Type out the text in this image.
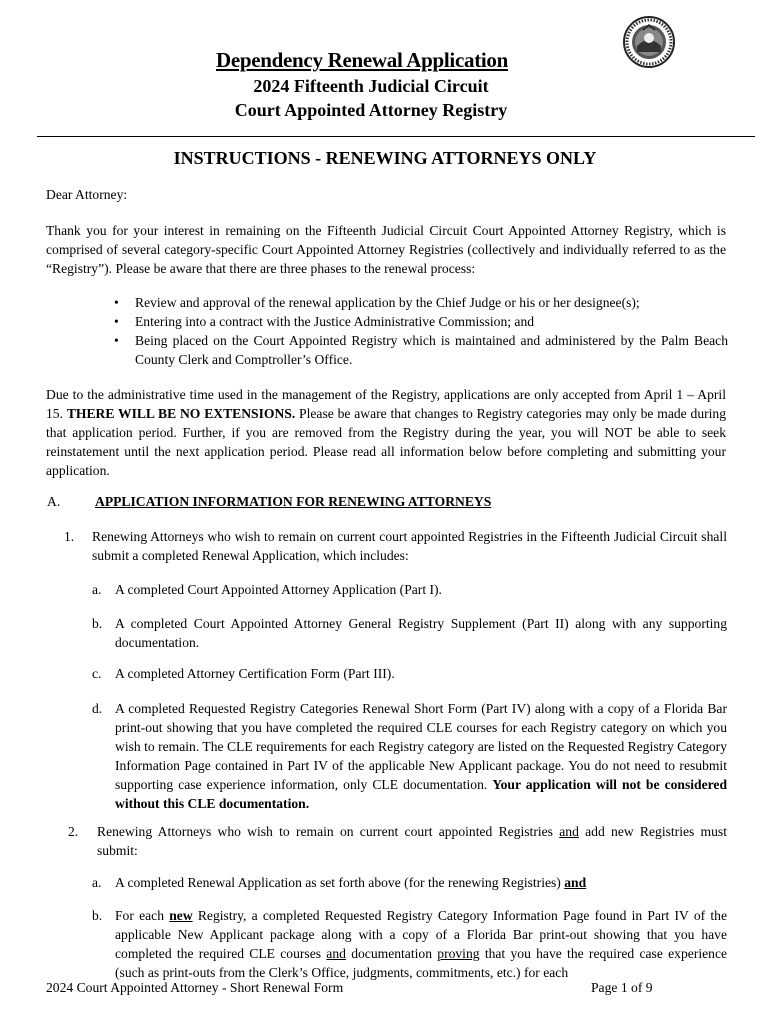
Dependency Renewal Application
2024 Fifteenth Judicial Circuit
Court Appointed Attorney Registry
INSTRUCTIONS - RENEWING ATTORNEYS ONLY

Dear Attorney:

Thank you for your interest in remaining on the Fifteenth Judicial Circuit Court Appointed Attorney Registry, which is comprised of several category-specific Court Appointed Attorney Registries (collectively and individually referred to as the “Registry”). Please be aware that there are three phases to the renewal process:

• Review and approval of the renewal application by the Chief Judge or his or her designee(s);
• Entering into a contract with the Justice Administrative Commission; and
• Being placed on the Court Appointed Registry which is maintained and administered by the Palm Beach County Clerk and Comptroller’s Office.

Due to the administrative time used in the management of the Registry, applications are only accepted from April 1 – April 15. THERE WILL BE NO EXTENSIONS. Please be aware that changes to Registry categories may only be made during that application period. Further, if you are removed from the Registry during the year, you will NOT be able to seek reinstatement until the next application period. Please read all information below before completing and submitting your application.

A.	APPLICATION INFORMATION FOR RENEWING ATTORNEYS
1. Renewing Attorneys who wish to remain on current court appointed Registries in the Fifteenth Judicial Circuit shall submit a completed Renewal Application, which includes:

a. A completed Court Appointed Attorney Application (Part I).

b. A completed Court Appointed Attorney General Registry Supplement (Part II) along with any supporting documentation.

c. A completed Attorney Certification Form (Part III).

d. A completed Requested Registry Categories Renewal Short Form (Part IV) along with a copy of a Florida Bar print-out showing that you have completed the required CLE courses for each Registry category on which you wish to remain. The CLE requirements for each Registry category are listed on the Requested Registry Category Information Page contained in Part IV of the applicable New Applicant package. You do not need to resubmit supporting case experience information, only CLE documentation. Your application will not be considered without this CLE documentation.

2. Renewing Attorneys who wish to remain on current court appointed Registries and add new Registries must submit:

a. A completed Renewal Application as set forth above (for the renewing Registries) and

b. For each new Registry, a completed Requested Registry Category Information Page found in Part IV of the applicable New Applicant package along with a copy of a Florida Bar print-out showing that you have completed the required CLE courses and documentation proving that you have the required case experience (such as print-outs from the Clerk’s Office, judgments, commitments, etc.) for each

2024 Court Appointed Attorney - Short Renewal Form	Page 1 of 9
